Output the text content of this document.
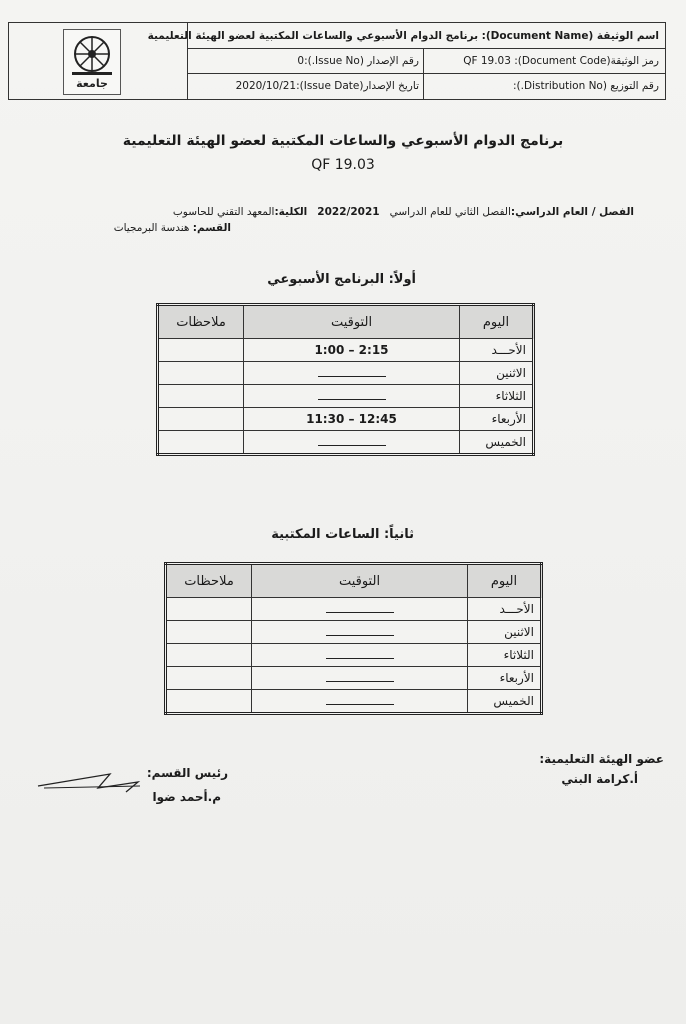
جامعة
اسم الوثيقة (Document Name): برنامج الدوام الأسبوعي والساعات المكتبية لعضو الهيئة التعليمية
رمز الوثيقة(Document Code):

QF 19.03
رقم الإصدار (Issue No.):0
رقم التوزيع (Distribution No.):
تاريخ الإصدار(Issue Date):2020/10/21
برنامج الدوام الأسبوعي والساعات المكتبية لعضو الهيئة التعليمية
QF 19.03
الفصل / العام الدراسي:الفصل الثاني للعام الدراسي   2022/2021   الكلية:المعهد التقني للحاسوب
القسم: هندسة البرمجيات
أولاً: البرنامج الأسبوعي
اليوم	التوقيت	ملاحظات
الأحـــد	2:15 – 1:00	
الاثنين		
الثلاثاء		
الأربعاء	12:45 – 11:30	
الخميس		
ثانياً: الساعات المكتبية
اليوم	التوقيت	ملاحظات
الأحـــد		
الاثنين		
الثلاثاء		
الأربعاء		
الخميس		
عضو الهيئة التعليمية:
أ.كرامة البني
رئيس القسم:
م.أحمد ضوا
